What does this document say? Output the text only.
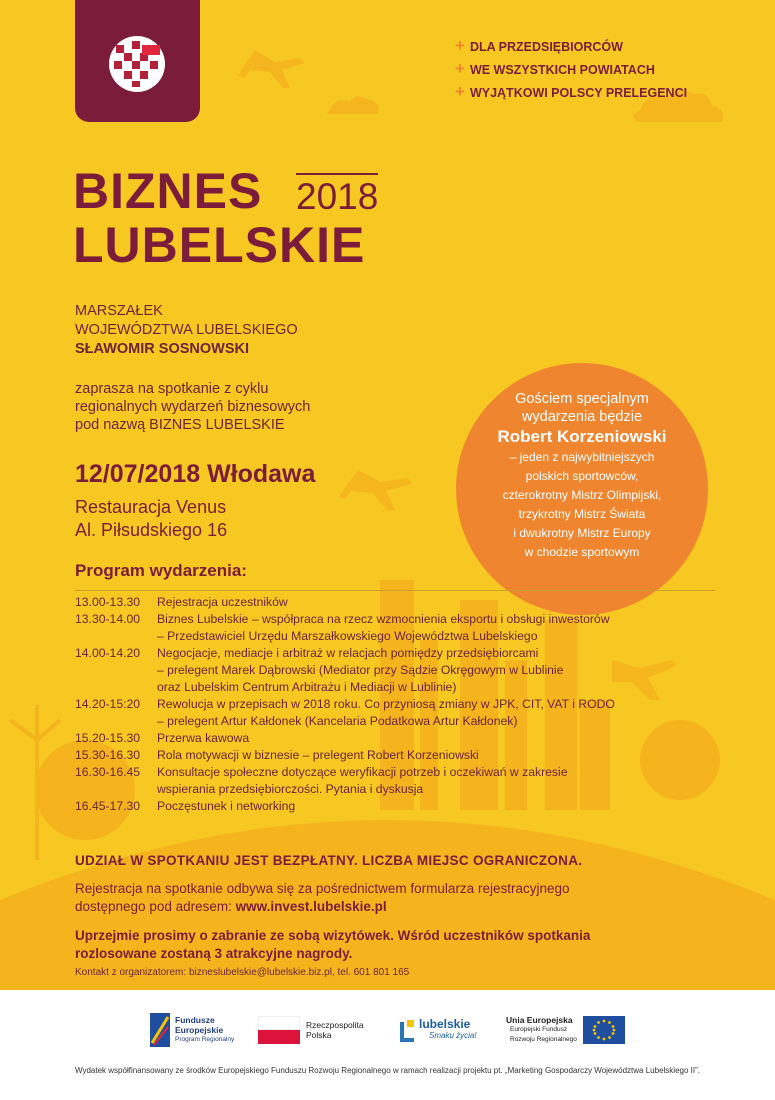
+ DLA PRZEDSIĘBIORCÓW
+ WE WSZYSTKICH POWIATACH
+ WYJĄTKOWI POLSCY PRELEGENCI
BIZNES 2018
LUBELSKIE
MARSZAŁEK
WOJEWÓDZTWA LUBELSKIEGO
SŁAWOMIR SOSNOWSKI
zaprasza na spotkanie z cyklu
regionalnych wydarzeń biznesowych
pod nazwą BIZNES LUBELSKIE
12/07/2018 Włodawa
Restauracja Venus
Al. Piłsudskiego 16
Gościem specjalnym
wydarzenia będzie
Robert Korzeniowski
– jeden z najwybitniejszych
polskich sportowców,
czterokrotny Mistrz Olimpijski,
trzykrotny Mistrz Świata
i dwukrotny Mistrz Europy
w chodzie sportowym
Program wydarzenia:
13.00-13.30	Rejestracja uczestników
13.30-14.00	Biznes Lubelskie – współpraca na rzecz wzmocnienia eksportu i obsługi inwestorów
– Przedstawiciel Urzędu Marszałkowskiego Województwa Lubelskiego
14.00-14.20	Negocjacje, mediacje i arbitraż w relacjach pomiędzy przedsiębiorcami
– prelegent Marek Dąbrowski (Mediator przy Sądzie Okręgowym w Lublinie
oraz Lubelskim Centrum Arbitrażu i Mediacji w Lublinie)
14.20-15:20	Rewolucja w przepisach w 2018 roku. Co przyniosą zmiany w JPK, CIT, VAT i RODO
– prelegent Artur Kałdonek (Kancelaria Podatkowa Artur Kałdonek)
15.20-15.30	Przerwa kawowa
15.30-16.30	Rola motywacji w biznesie – prelegent Robert Korzeniowski
16.30-16.45	Konsultacje społeczne dotyczące weryfikacji potrzeb i oczekiwań w zakresie
wspierania przedsiębiorczości. Pytania i dyskusja
16.45-17.30	Poczęstunek i networking
UDZIAŁ W SPOTKANIU JEST BEZPŁATNY. LICZBA MIEJSC OGRANICZONA.
Rejestracja na spotkanie odbywa się za pośrednictwem formularza rejestracyjnego
dostępnego pod adresem: www.invest.lubelskie.pl
Uprzejmie prosimy o zabranie ze sobą wizytówek. Wśród uczestników spotkania
rozlosowane zostaną 3 atrakcyjne nagrody.
Kontakt z organizatorem: bizneslubelskie@lubelskie.biz.pl, tel. 601 801 165
Fundusze
Europejskie
Program Regionalny
Rzeczpospolita
Polska
lubelskie
Smaku życia!
Unia Europejska
Europejski Fundusz
Rozwoju Regionalnego
Wydatek współfinansowany ze środków Europejskiego Funduszu Rozwoju Regionalnego w ramach realizacji projektu pt. „Marketing Gospodarczy Województwa Lubelskiego II”.
